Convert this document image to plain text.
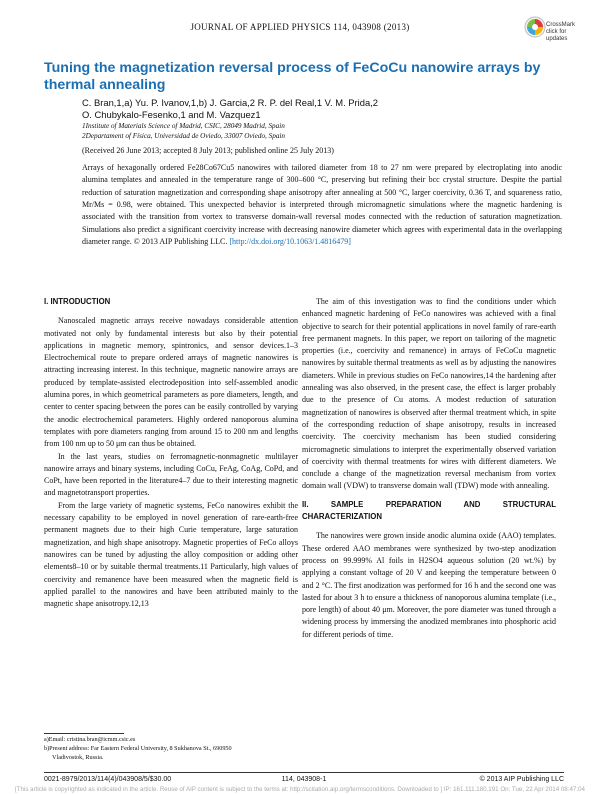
JOURNAL OF APPLIED PHYSICS 114, 043908 (2013)	CrossMark
click for updates
Tuning the magnetization reversal process of FeCoCu nanowire arrays by thermal annealing
C. Bran,1,a) Yu. P. Ivanov,1,b) J. Garcia,2 R. P. del Real,1 V. M. Prida,2
O. Chubykalo-Fesenko,1 and M. Vazquez1
1Institute of Materials Science of Madrid, CSIC, 28049 Madrid, Spain
2Departament of Física, Universidad de Oviedo, 33007 Oviedo, Spain
(Received 26 June 2013; accepted 8 July 2013; published online 25 July 2013)
Arrays of hexagonally ordered Fe28Co67Cu5 nanowires with tailored diameter from 18 to 27 nm were prepared by electroplating into anodic alumina templates and annealed in the temperature range of 300–600 °C, preserving but refining their bcc crystal structure. Despite the partial reduction of saturation magnetization and corresponding shape anisotropy after annealing at 500 °C, larger coercivity, 0.36 T, and squareness ratio, Mr/Ms = 0.98, were obtained. This unexpected behavior is interpreted through micromagnetic simulations where the magnetic hardening is associated with the transition from vortex to transverse domain-wall reversal modes connected with the reduction of saturation magnetization. Simulations also predict a significant coercivity increase with decreasing nanowire diameter which agrees with experimental data in the overlapping diameter range. © 2013 AIP Publishing LLC. [http://dx.doi.org/10.1063/1.4816479]
I. INTRODUCTION

Nanoscaled magnetic arrays receive nowadays considerable attention motivated not only by fundamental interests but also by their potential applications in magnetic memory, spintronics, and sensor devices.1–3 Electrochemical route to prepare ordered arrays of magnetic nanowires is attracting increasing interest. In this technique, magnetic nanowire arrays are produced by template-assisted electrodeposition into self-assembled anodic alumina pores, in which geometrical parameters as pore diameters, length, and center to center spacing between the pores can be easily controlled by varying the anodic electrochemical parameters. Highly ordered nanoporous alumina templates with pore diameters ranging from around 15 to 200 nm and lengths from 100 nm up to 50 μm can thus be obtained.

In the last years, studies on ferromagnetic-nonmagnetic multilayer nanowire arrays and binary systems, including CoCu, FeAg, CoAg, CoPd, and CoPt, have been reported in the literature4–7 due to their interesting magnetic and magnetotransport properties.

From the large variety of magnetic systems, FeCo nanowires exhibit the necessary capability to be employed in novel generation of rare-earth-free permanent magnets due to their high Curie temperature, large saturation magnetization, and high shape anisotropy. Magnetic properties of FeCo alloys nanowires can be tuned by adjusting the alloy composition or adding other elements8–10 or by suitable thermal treatments.11 Particularly, high values of coercivity and remanence have been measured when the magnetic field is applied parallel to the nanowires and have been attributed mainly to the magnetic shape anisotropy.12,13

The aim of this investigation was to find the conditions under which enhanced magnetic hardening of FeCo nanowires was achieved with a final objective to search for their potential applications in novel family of rare-earth free permanent magnets. In this paper, we report on tailoring of the magnetic properties (i.e., coercivity and remanence) in arrays of FeCoCu magnetic nanowires by suitable thermal treatments as well as by adjusting the nanowires diameters. While in previous studies on FeCo nanowires,14 the hardening after annealing was also observed, in the present case, the effect is larger probably due to the presence of Cu atoms. A modest reduction of saturation magnetization of nanowires is observed after thermal treatment which, in spite of the corresponding reduction of shape anisotropy, results in increased coercivity. The coercivity mechanism has been studied considering micromagnetic simulations to interpret the experimentally observed variation of coercivity with thermal treatments for wires with different diameters. We conclude a change of the magnetization reversal mechanism from vortex domain wall (VDW) to transverse domain wall (TDW) mode with annealing.

II. SAMPLE PREPARATION AND STRUCTURAL CHARACTERIZATION

The nanowires were grown inside anodic alumina oxide (AAO) templates. These ordered AAO membranes were synthesized by two-step anodization process on 99.999% Al foils in H2SO4 aqueous solution (20 wt.%) by applying a constant voltage of 20 V and keeping the temperature between 0 and 2 °C. The first anodization was performed for 16 h and the second one was lasted for about 3 h to ensure a thickness of nanoporous alumina template (i.e., pore length) of about 40 μm. Moreover, the pore diameter was tuned through a widening process by immersing the anodized membranes into phosphoric acid for different periods of time.

a)Email: cristina.bran@icmm.csic.es
b)Present address: Far Eastern Federal University, 8 Sukhanova St., 690950
Vladivostok, Russia.
0021-8979/2013/114(4)/043908/5/$30.00	114, 043908-1	© 2013 AIP Publishing LLC
[This article is copyrighted as indicated in the article. Reuse of AIP content is subject to the terms at: http://scitation.aip.org/termsconditions. Downloaded to ] IP: 161.111.180.191 On: Tue, 22 Apr 2014 08:47:04
